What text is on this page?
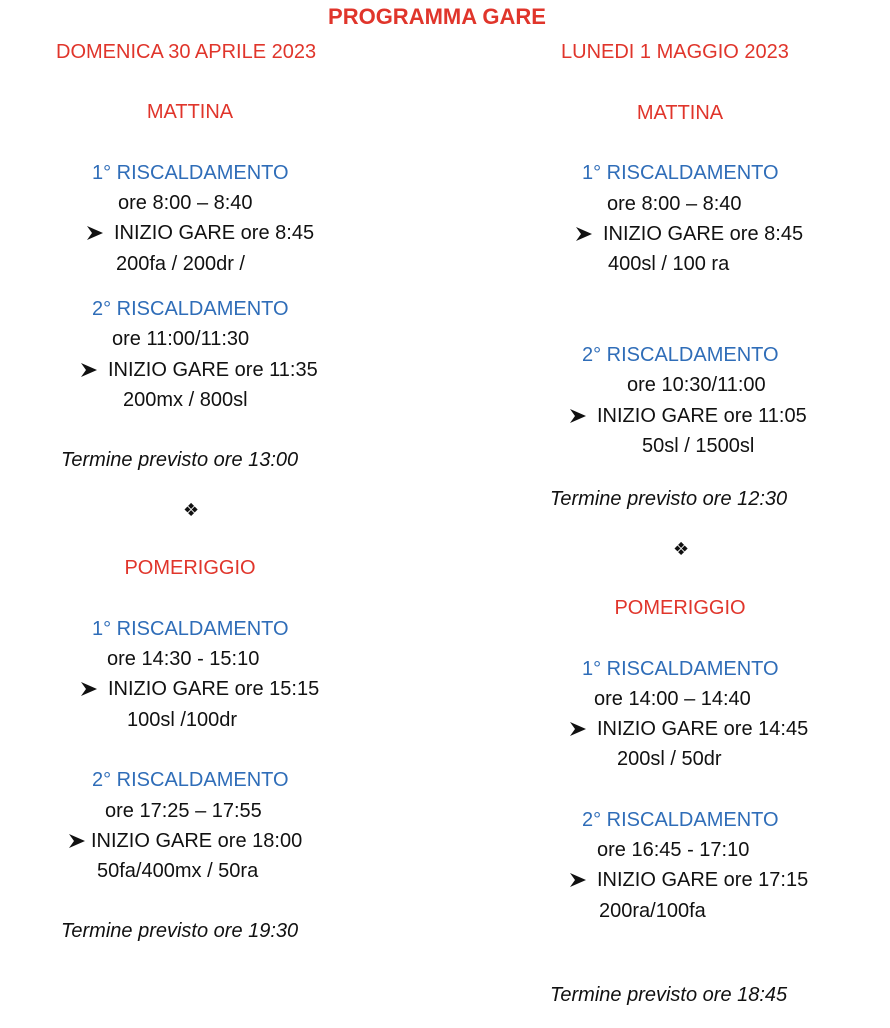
PROGRAMMA GARE
DOMENICA 30 APRILE 2023
MATTINA
1° RISCALDAMENTO
ore 8:00 – 8:40
INIZIO GARE ore 8:45
200fa / 200dr /
2° RISCALDAMENTO
ore 11:00/11:30
INIZIO GARE ore 11:35
200mx / 800sl
Termine previsto ore 13:00
❖
POMERIGGIO
1° RISCALDAMENTO
ore 14:30 - 15:10
INIZIO GARE ore 15:15
100sl /100dr
2° RISCALDAMENTO
ore 17:25 – 17:55
INIZIO GARE ore 18:00
50fa/400mx / 50ra
Termine previsto ore 19:30
LUNEDI 1 MAGGIO 2023
MATTINA
1° RISCALDAMENTO
ore 8:00 – 8:40
INIZIO GARE ore 8:45
400sl / 100 ra
2° RISCALDAMENTO
ore 10:30/11:00
INIZIO GARE ore 11:05
50sl / 1500sl
Termine previsto ore 12:30
❖
POMERIGGIO
1° RISCALDAMENTO
ore 14:00 – 14:40
INIZIO GARE ore 14:45
200sl / 50dr
2° RISCALDAMENTO
ore 16:45 - 17:10
INIZIO GARE ore 17:15
200ra/100fa
Termine previsto ore 18:45
